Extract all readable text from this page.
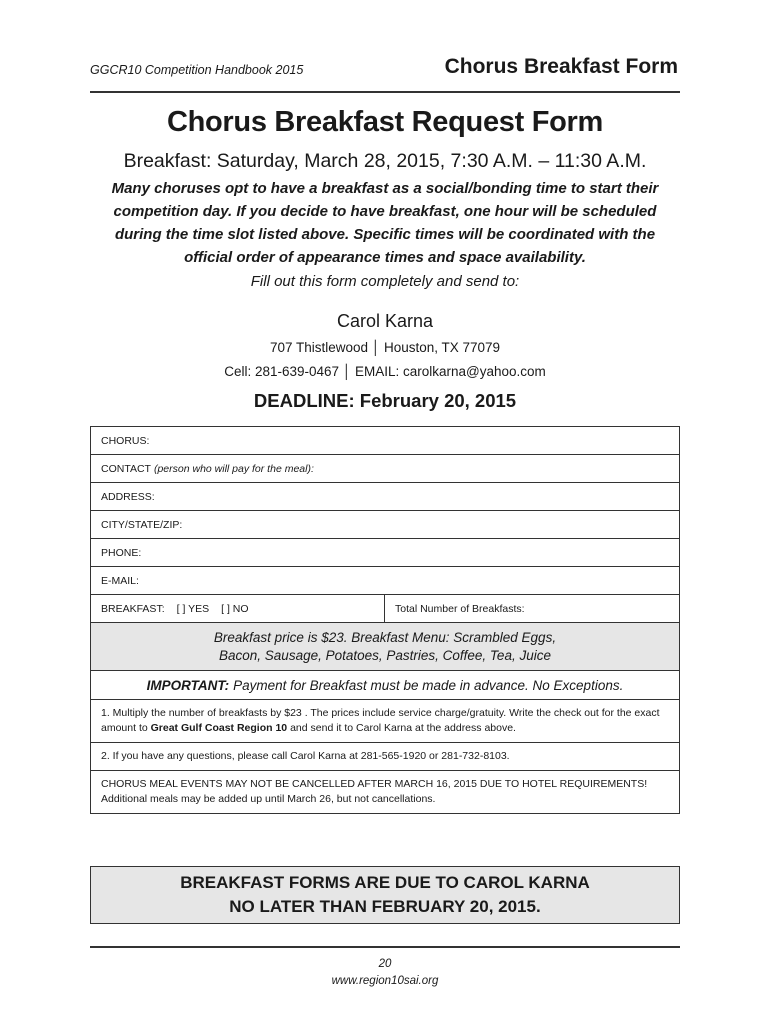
GGCR10 Competition Handbook 2015	Chorus Breakfast Form
Chorus Breakfast Request Form
Breakfast: Saturday, March 28, 2015, 7:30 A.M. – 11:30 A.M.
Many choruses opt to have a breakfast as a social/bonding time to start their competition day. If you decide to have breakfast, one hour will be scheduled during the time slot listed above. Specific times will be coordinated with the official order of appearance times and space availability.
Fill out this form completely and send to:
Carol Karna
707 Thistlewood │ Houston, TX 77079
Cell: 281-639-0467 │ EMAIL: carolkarna@yahoo.com
DEADLINE: February 20, 2015
CHORUS:
CONTACT (person who will pay for the meal):
ADDRESS:
CITY/STATE/ZIP:
PHONE:
E-MAIL:
BREAKFAST: [ ] YES [ ] NO	Total Number of Breakfasts:
Breakfast price is $23. Breakfast Menu: Scrambled Eggs,
Bacon, Sausage, Potatoes, Pastries, Coffee, Tea, Juice
IMPORTANT: Payment for Breakfast must be made in advance. No Exceptions.
1. Multiply the number of breakfasts by $23 . The prices include service charge/gratuity. Write the check out for the exact amount to Great Gulf Coast Region 10 and send it to Carol Karna at the address above.
2. If you have any questions, please call Carol Karna at 281-565-1920 or 281-732-8103.
CHORUS MEAL EVENTS MAY NOT BE CANCELLED AFTER MARCH 16, 2015 DUE TO HOTEL REQUIREMENTS!
Additional meals may be added up until March 26, but not cancellations.
BREAKFAST FORMS ARE DUE TO CAROL KARNA
NO LATER THAN FEBRUARY 20, 2015.
20
www.region10sai.org
